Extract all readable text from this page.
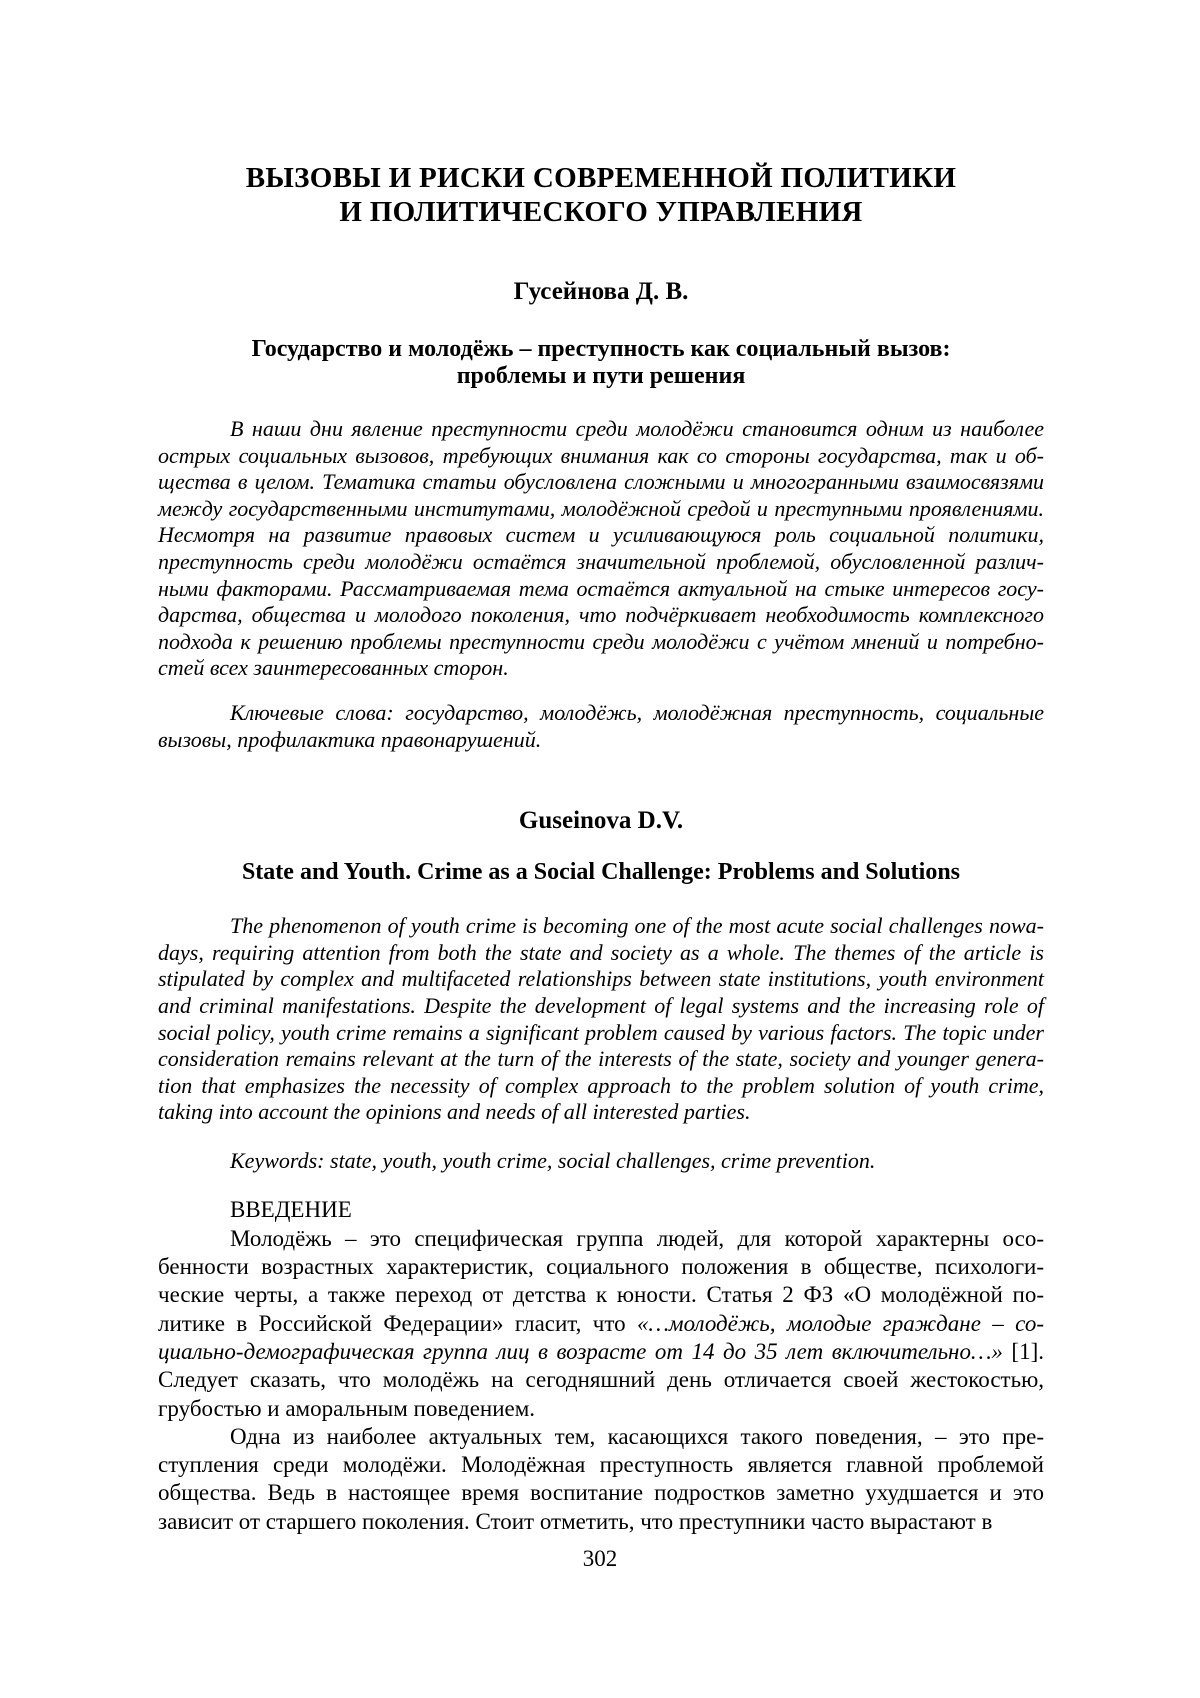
ВЫЗОВЫ И РИСКИ СОВРЕМЕННОЙ ПОЛИТИКИ
И ПОЛИТИЧЕСКОГО УПРАВЛЕНИЯ
Гусейнова Д. В.
Государство и молодёжь – преступность как социальный вызов:
проблемы и пути решения

В наши дни явление преступности среди молодёжи становится одним из наиболее острых социальных вызовов, требующих внимания как со стороны государства, так и общества в целом. Тематика статьи обусловлена сложными и многогранными взаимосвязями между государственными институтами, молодёжной средой и преступными проявлениями. Несмотря на развитие правовых систем и усиливающуюся роль социальной политики, преступность среди молодёжи остаётся значительной проблемой, обусловленной различными факторами. Рассматриваемая тема остаётся актуальной на стыке интересов государства, общества и молодого поколения, что подчёркивает необходимость комплексного подхода к решению проблемы преступности среди молодёжи с учётом мнений и потребностей всех заинтересованных сторон.

Ключевые слова: государство, молодёжь, молодёжная преступность, социальные вызовы, профилактика правонарушений.

Guseinova D.V.
State and Youth. Crime as a Social Challenge: Problems and Solutions

The phenomenon of youth crime is becoming one of the most acute social challenges nowadays, requiring attention from both the state and society as a whole. The themes of the article is stipulated by complex and multifaceted relationships between state institutions, youth environment and criminal manifestations. Despite the development of legal systems and the increasing role of social policy, youth crime remains a significant problem caused by various factors. The topic under consideration remains relevant at the turn of the interests of the state, society and younger generation that emphasizes the necessity of complex approach to the problem solution of youth crime, taking into account the opinions and needs of all interested parties.

Keywords: state, youth, youth crime, social challenges, crime prevention.

ВВЕДЕНИЕ

Молодёжь – это специфическая группа людей, для которой характерны особенности возрастных характеристик, социального положения в обществе, психологические черты, а также переход от детства к юности. Статья 2 ФЗ «О молодёжной политике в Российской Федерации» гласит, что «…молодёжь, молодые граждане – социально-демографическая группа лиц в возрасте от 14 до 35 лет включительно…» [1]. Следует сказать, что молодёжь на сегодняшний день отличается своей жестокостью, грубостью и аморальным поведением.

Одна из наиболее актуальных тем, касающихся такого поведения, – это преступления среди молодёжи. Молодёжная преступность является главной проблемой общества. Ведь в настоящее время воспитание подростков заметно ухудшается и это зависит от старшего поколения. Стоит отметить, что преступники часто вырастают в

302
